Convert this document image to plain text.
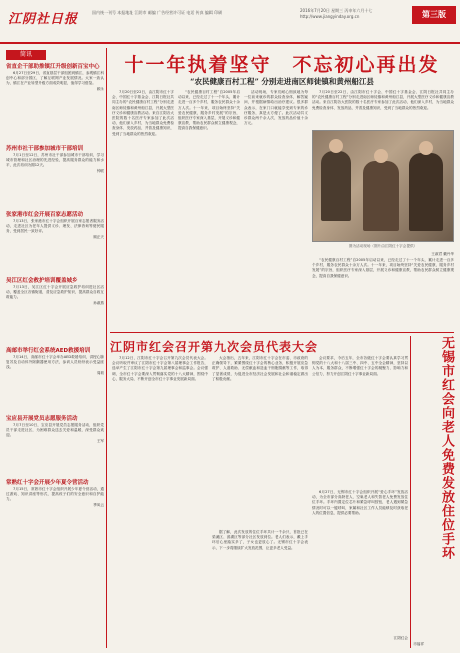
江阴社日报	国内统一刊号 本报地址 江阴市 邮编 广告经营许可证 电话 传真 编辑 印刷	2016年7月20日 星期三 丙申年六月十七 http://www.jiangyinday.org.cn	第三版
简讯
省直企干部助推镇江升级创新百宝中心
6月27日至29日，省直基层干部组团到镇江，参观镇江科创中心和部分园区，了解互联网产业发展情况。大家一致认为，镇江在产业转型升级方面成效明显，值得学习借鉴。
顾永
苏州市社干部参加城市干部培训
7月1日至12日，苏州市社干部参加城市干部培训，学习城市管理和社区治理的先进经验，提高服务群众的能力和水平，此次培训为期12天。
钟联
张家港市红会开展百家志愿活动
7月13日，张家港市红十字会组织开展百家志愿者服务活动，走进社区为老年人提供义诊、理发、法律咨询等便民服务，受到居民一致好评。
顾正天
吴江区红会救护培训覆盖城乡
7月13日，吴江区红十字会开展应急救护培训进社区活动，覆盖全区各镇街道，普及应急救护知识，提高群众自救互救能力。
孙淑燕
高邮市举行红会系统AED救援培训
7月14日，高邮市红十字会举办AED救援培训，讲授心肺复苏及自动体外除颤器使用方法，参训人员纷纷表示受益匪浅。
周莉
宝应县开展党员志愿服务活动
7月7日至10日，宝应县开展党员志愿服务活动，组织党员干部走进社区，为困难群众送去关爱和温暖，深受群众欢迎。
王军
常熟红十字会开展少年夏令营活动
7月15日，常熟市红十字会组织开展少年夏令营活动，通过游戏、知识讲座等形式，提高孩子们的安全意识和自护能力。
季凤云
十一年执着坚守　不忘初心再出发
“农民健康百村工程” 分别走进南区师徒镇和黄州船江县
7月20日至22日，由江阴市红十字会、中国红十字基金会、江阴日报社共同主办的“农民健康百村工程”分别走进南区师徒镇和黄州船江县，开展大型医疗义诊和健康宣教活动。来自江阴各大医院的数十名医疗专家参加了此次活动，他们深入乡村，为当地群众免费检查身体、发放药品，并普及健康知识，受到了当地群众的热烈欢迎。
“农民健康百村工程”自2005年启动以来，已经走过了十一个年头，累计走进一百多个乡村，服务农民群众十余万人次。十一年来，项目始终坚持“关爱农民健康，服务乡村发展”的宗旨，组织医疗专家深入基层，开展义诊和健康宣教，帮助农民群众树立健康观念，提高自我保健意识。
活动现场，专家们耐心细致地为每一位前来就诊的群众检查身体，解答疑问，并根据病情给出治疗建议。很多群众表示，在家门口就能享受到专家的诊疗服务，真是太方便了。此次活动共义诊群众两千余人次，发放药品价值十余万元。
7月20日至22日，由江阴市红十字会、中国红十字基金会、江阴日报社共同主办的“农民健康百村工程”分别走进南区师徒镇和黄州船江县，开展大型医疗义诊和健康宣教活动。来自江阴各大医院的数十名医疗专家参加了此次活动，他们深入乡村，为当地群众免费检查身体、发放药品，并普及健康知识，受到了当地群众的热烈欢迎。
图为活动现场（图片由江阴红十字会提供）
王淑君 戴丹华
“农民健康百村工程”自2005年启动以来，已经走过了十一个年头，累计走进一百多个乡村，服务农民群众十余万人次。十一年来，项目始终坚持“关爱农民健康，服务乡村发展”的宗旨，组织医疗专家深入基层，开展义诊和健康宣教，帮助农民群众树立健康观念，提高自我保健意识。
江阴市红会召开第九次会员代表大会
7月12日，江阴市红十字会召开第九次会员代表大会。会议听取并审议了江阴市红十字会第八届理事会工作报告，选举产生了江阴市红十字会第九届理事会和监事会。会议强调，全市红十字会要深入贯彻落实党的十八大精神，围绕中心，服务大局，不断开创全市红十字事业发展新局面。
大会指出，五年来，江阴市红十字会在市委、市政府的正确领导下，紧紧围绕红十字会的核心业务，积极开展应急救护、人道救助、无偿献血和造血干细胞捐献等工作，取得了显著成绩，为促进全市经济社会发展和社会和谐稳定做出了积极贡献。
会议要求，今后五年，全市各级红十字会要认真学习贯彻党的十八大和十八届三中、四中、五中全会精神，坚持以人为本，服务群众，不断增强红十字会的凝聚力、影响力和公信力，努力开创江阴红十字事业新局面。
江阴红会
无锡市红会向老人免费发放住位手环
6月27日，无锡市红十字会组织开展“爱心手环”发放活动，为全市部分高龄老人、空巢老人和失智老人免费发放住位手环。手环内置定位芯片和紧急呼叫按钮，老人遇到紧急情况时可以一键呼叫，家属和社区工作人员能够及时获取老人的位置信息，提供必要帮助。
据了解，此次发放的住位手环共计一千余只，首批已在梁溪区、滨湖区等部分社区发放到位。老人们表示，戴上手环后心里踏实多了，子女也更放心了。无锡市红十字会表示，下一步将继续扩大发放范围，让更多老人受益。
市福祥
